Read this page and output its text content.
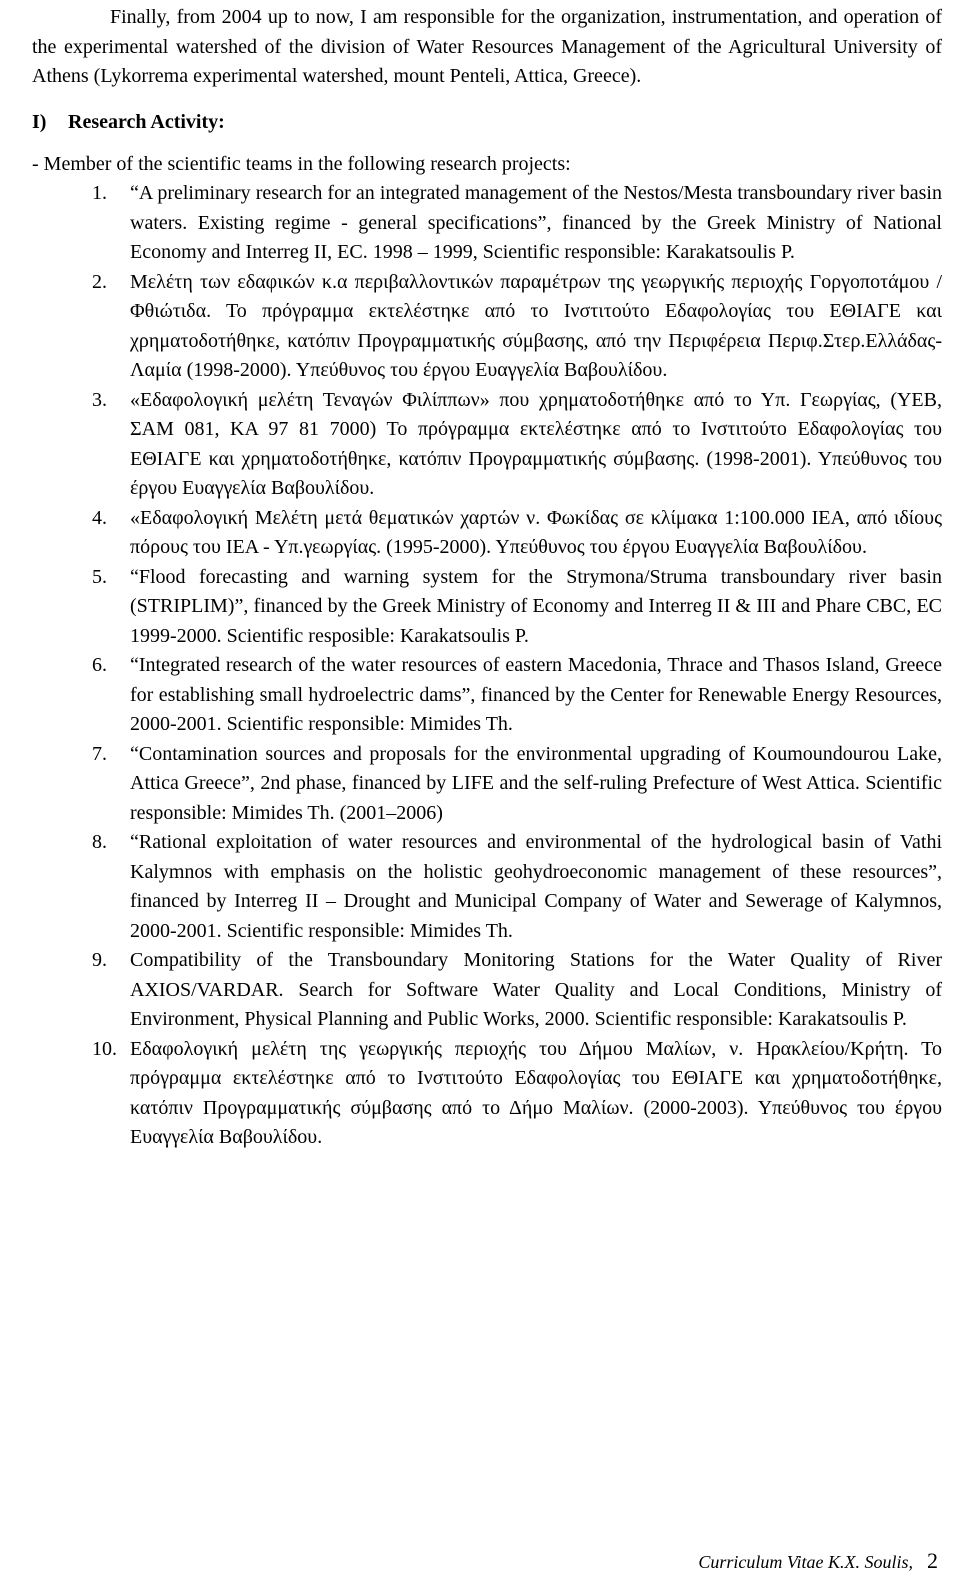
Finally, from 2004 up to now, I am responsible for the organization, instrumentation, and operation of the experimental watershed of the division of Water Resources Management of the Agricultural University of Athens (Lykorrema experimental watershed, mount Penteli, Attica, Greece).

I) Research Activity:

- Member of the scientific teams in the following research projects:

1. “A preliminary research for an integrated management of the Nestos/Mesta transboundary river basin waters. Existing regime - general specifications”, financed by the Greek Ministry of National Economy and Interreg II, EC. 1998 – 1999, Scientific responsible: Karakatsoulis P.
2. Μελέτη των εδαφικών κ.α περιβαλλοντικών παραμέτρων της γεωργικής περιοχής Γοργοποτάμου / Φθιώτιδα. Το πρόγραμμα εκτελέστηκε από το Ινστιτούτο Εδαφολογίας του ΕΘΙΑΓΕ και χρηματοδοτήθηκε, κατόπιν Προγραμματικής σύμβασης, από την Περιφέρεια Περιφ.Στερ.Ελλάδας-Λαμία (1998-2000). Υπεύθυνος του έργου Ευαγγελία Βαβουλίδου.
3. «Εδαφολογική μελέτη Τεναγών Φιλίππων» που χρηματοδοτήθηκε από το Υπ. Γεωργίας, (ΥΕΒ, ΣΑΜ 081, ΚΑ 97 81 7000) Το πρόγραμμα εκτελέστηκε από το Ινστιτούτο Εδαφολογίας του ΕΘΙΑΓΕ και χρηματοδοτήθηκε, κατόπιν Προγραμματικής σύμβασης. (1998-2001). Υπεύθυνος του έργου Ευαγγελία Βαβουλίδου.
4. «Εδαφολογική Μελέτη μετά θεματικών χαρτών ν. Φωκίδας σε κλίμακα 1:100.000 ΙΕΑ, από ιδίους πόρους του ΙΕΑ - Υπ.γεωργίας. (1995-2000). Υπεύθυνος του έργου Ευαγγελία Βαβουλίδου.
5. “Flood forecasting and warning system for the Strymona/Struma transboundary river basin (STRIPLIM)”, financed by the Greek Ministry of Economy and Interreg II & III and Phare CBC, EC 1999-2000. Scientific resposible: Karakatsoulis P.
6. “Integrated research of the water resources of eastern Macedonia, Thrace and Thasos Island, Greece for establishing small hydroelectric dams”, financed by the Center for Renewable Energy Resources, 2000-2001. Scientific responsible: Mimides Th.
7. “Contamination sources and proposals for the environmental upgrading of Koumoundourou Lake, Attica Greece”, 2nd phase, financed by LIFE and the self-ruling Prefecture of West Attica. Scientific responsible: Mimides Th. (2001–2006)
8. “Rational exploitation of water resources and environmental of the hydrological basin of Vathi Kalymnos with emphasis on the holistic geohydroeconomic management of these resources”, financed by Interreg II – Drought and Municipal Company of Water and Sewerage of Kalymnos, 2000-2001. Scientific responsible: Mimides Th.
9. Compatibility of the Transboundary Monitoring Stations for the Water Quality of River AXIOS/VARDAR. Search for Software Water Quality and Local Conditions, Ministry of Environment, Physical Planning and Public Works, 2000. Scientific responsible: Karakatsoulis P.
10. Εδαφολογική μελέτη της γεωργικής περιοχής του Δήμου Μαλίων, ν. Ηρακλείου/Κρήτη. Το πρόγραμμα εκτελέστηκε από το Ινστιτούτο Εδαφολογίας του ΕΘΙΑΓΕ και χρηματοδοτήθηκε, κατόπιν Προγραμματικής σύμβασης από το Δήμο Μαλίων. (2000-2003). Υπεύθυνος του έργου Ευαγγελία Βαβουλίδου.
Curriculum Vitae K.X. Soulis, 2
